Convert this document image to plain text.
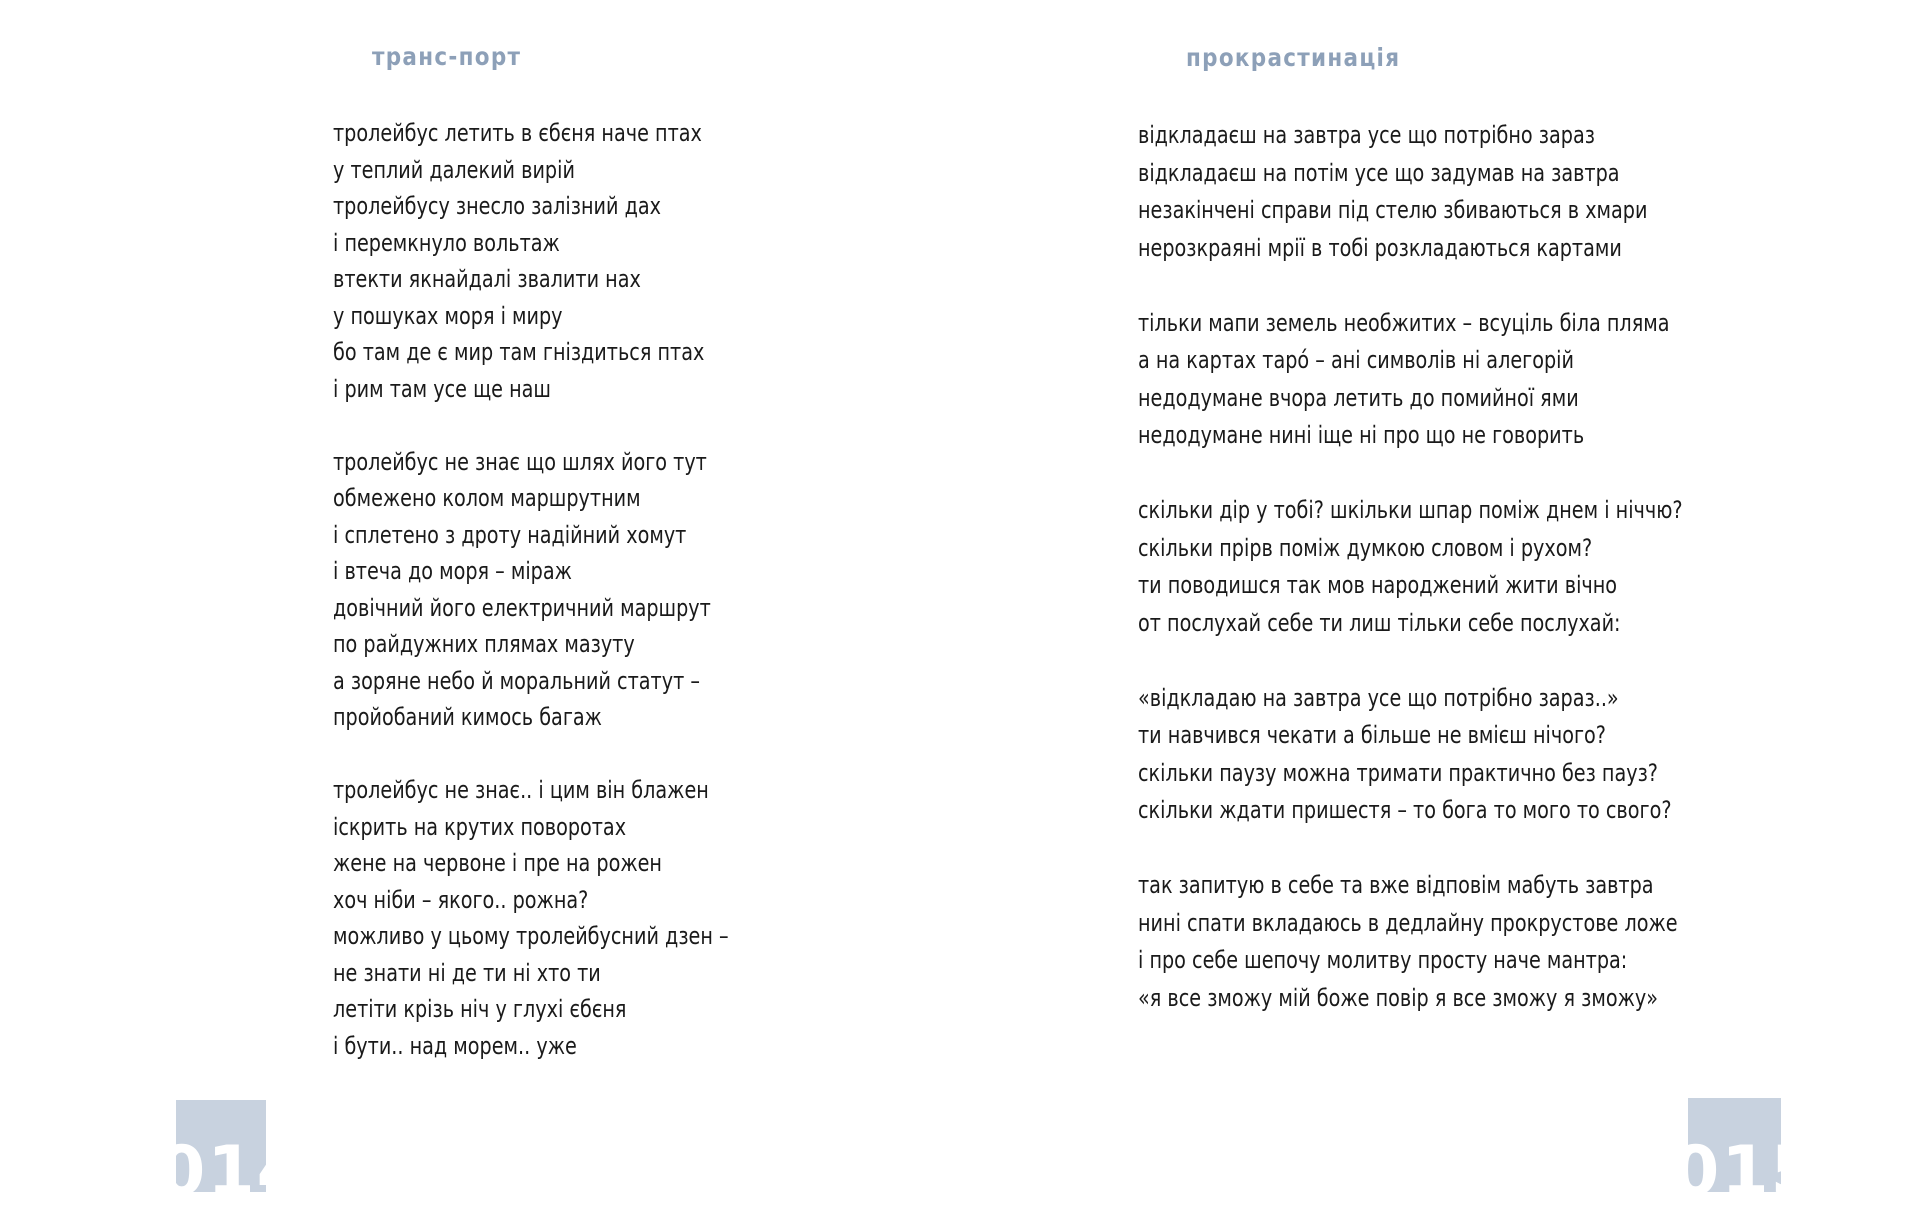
транс-порт
тролейбус летить в єбєня наче птах
у теплий далекий вирій
тролейбусу знесло залізний дах
і перемкнуло вольтаж
втекти якнайдалі звалити нах
у пошуках моря і миру
бо там де є мир там гніздиться птах
і рим там усе ще наш
тролейбус не знає що шлях його тут
обмежено колом маршрутним
і сплетено з дроту надійний хомут
і втеча до моря – міраж
довічний його електричний маршрут
по райдужних плямах мазуту
а зоряне небо й моральний статут –
пройобаний кимось багаж
тролейбус не знає.. і цим він блажен
іскрить на крутих поворотах
жене на червоне і пре на рожен
хоч ніби – якого.. рожна?
можливо у цьому тролейбусний дзен –
не знати ні де ти ні хто ти
летіти крізь ніч у глухі єбєня
і бути.. над морем.. уже
014
прокрастинація
відкладаєш на завтра усе що потрібно зараз
відкладаєш на потім усе що задумав на завтра
незакінчені справи під стелю збиваються в хмари
нерозкраяні мрії в тобі розкладаються картами
тільки мапи земель необжитих – всуціль біла пляма
а на картах таро́ – ані символів ні алегорій
недодумане вчора летить до помийної ями
недодумане нині іще ні про що не говорить
скільки дір у тобі? шкільки шпар поміж днем і ніччю?
скільки прірв поміж думкою словом і рухом?
ти поводишся так мов народжений жити вічно
от послухай себе ти лиш тільки себе послухай:
«відкладаю на завтра усе що потрібно зараз..»
ти навчився чекати а більше не вмієш нічого?
скільки паузу можна тримати практично без пауз?
скільки ждати пришестя – то бога то мого то свого?
так запитую в себе та вже відповім мабуть завтра
нині спати вкладаюсь в дедлайну прокрустове ложе
і про себе шепочу молитву просту наче мантра:
«я все зможу мій боже повір я все зможу я зможу»
015
